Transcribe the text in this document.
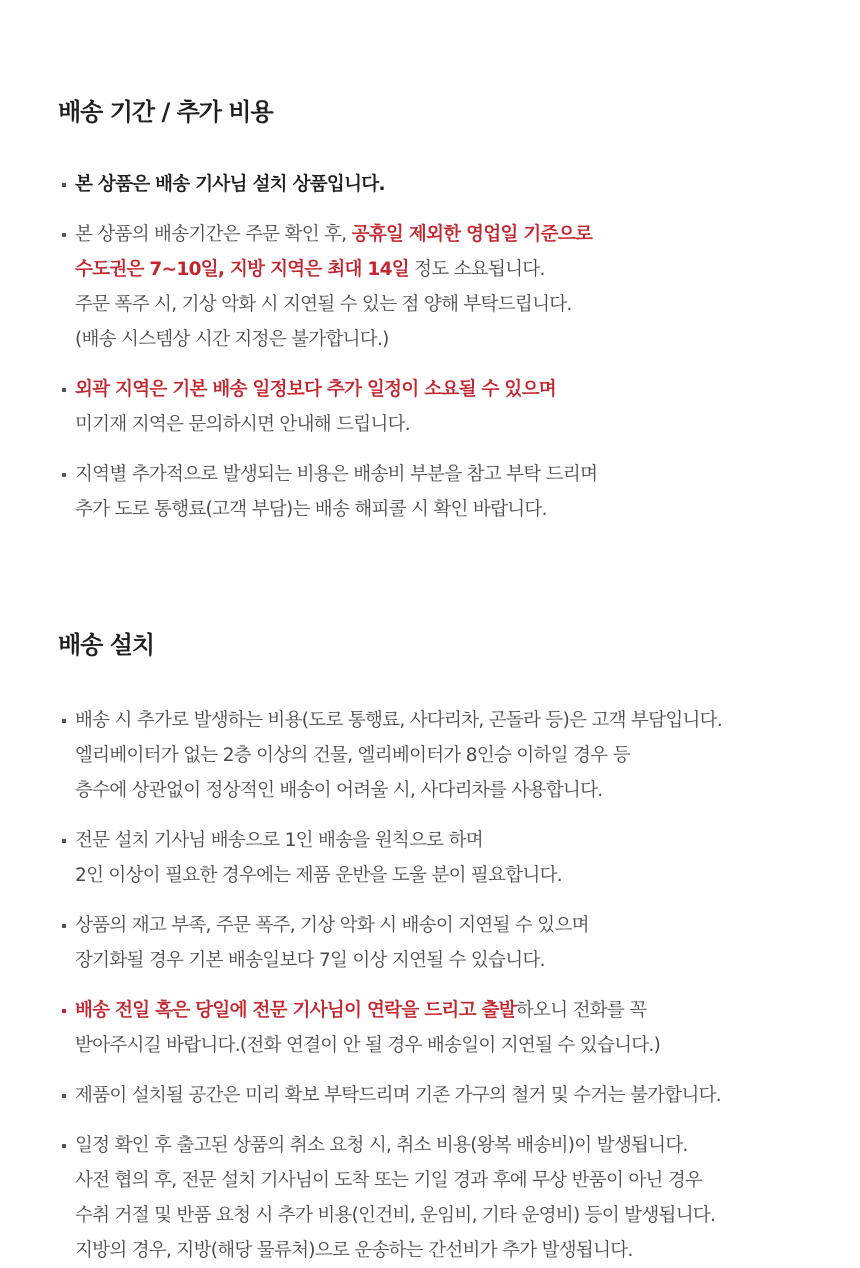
배송 기간 / 추가 비용
본 상품은 배송 기사님 설치 상품입니다.
본 상품의 배송기간은 주문 확인 후, 공휴일 제외한 영업일 기준으로
수도권은 7~10일, 지방 지역은 최대 14일 정도 소요됩니다.
주문 폭주 시, 기상 악화 시 지연될 수 있는 점 양해 부탁드립니다.
(배송 시스템상 시간 지정은 불가합니다.)
외곽 지역은 기본 배송 일정보다 추가 일정이 소요될 수 있으며
미기재 지역은 문의하시면 안내해 드립니다.
지역별 추가적으로 발생되는 비용은 배송비 부분을 참고 부탁 드리며
추가 도로 통행료(고객 부담)는 배송 해피콜 시 확인 바랍니다.
배송 설치
배송 시 추가로 발생하는 비용(도로 통행료, 사다리차, 곤돌라 등)은 고객 부담입니다.
엘리베이터가 없는 2층 이상의 건물, 엘리베이터가 8인승 이하일 경우 등
층수에 상관없이 정상적인 배송이 어려울 시, 사다리차를 사용합니다.
전문 설치 기사님 배송으로 1인 배송을 원칙으로 하며
2인 이상이 필요한 경우에는 제품 운반을 도울 분이 필요합니다.
상품의 재고 부족, 주문 폭주, 기상 악화 시 배송이 지연될 수 있으며
장기화될 경우 기본 배송일보다 7일 이상 지연될 수 있습니다.
배송 전일 혹은 당일에 전문 기사님이 연락을 드리고 출발하오니 전화를 꼭
받아주시길 바랍니다.(전화 연결이 안 될 경우 배송일이 지연될 수 있습니다.)
제품이 설치될 공간은 미리 확보 부탁드리며 기존 가구의 철거 및 수거는 불가합니다.
일정 확인 후 출고된 상품의 취소 요청 시, 취소 비용(왕복 배송비)이 발생됩니다.
사전 협의 후, 전문 설치 기사님이 도착 또는 기일 경과 후에 무상 반품이 아닌 경우
수취 거절 및 반품 요청 시 추가 비용(인건비, 운임비, 기타 운영비) 등이 발생됩니다.
지방의 경우, 지방(해당 물류처)으로 운송하는 간선비가 추가 발생됩니다.
